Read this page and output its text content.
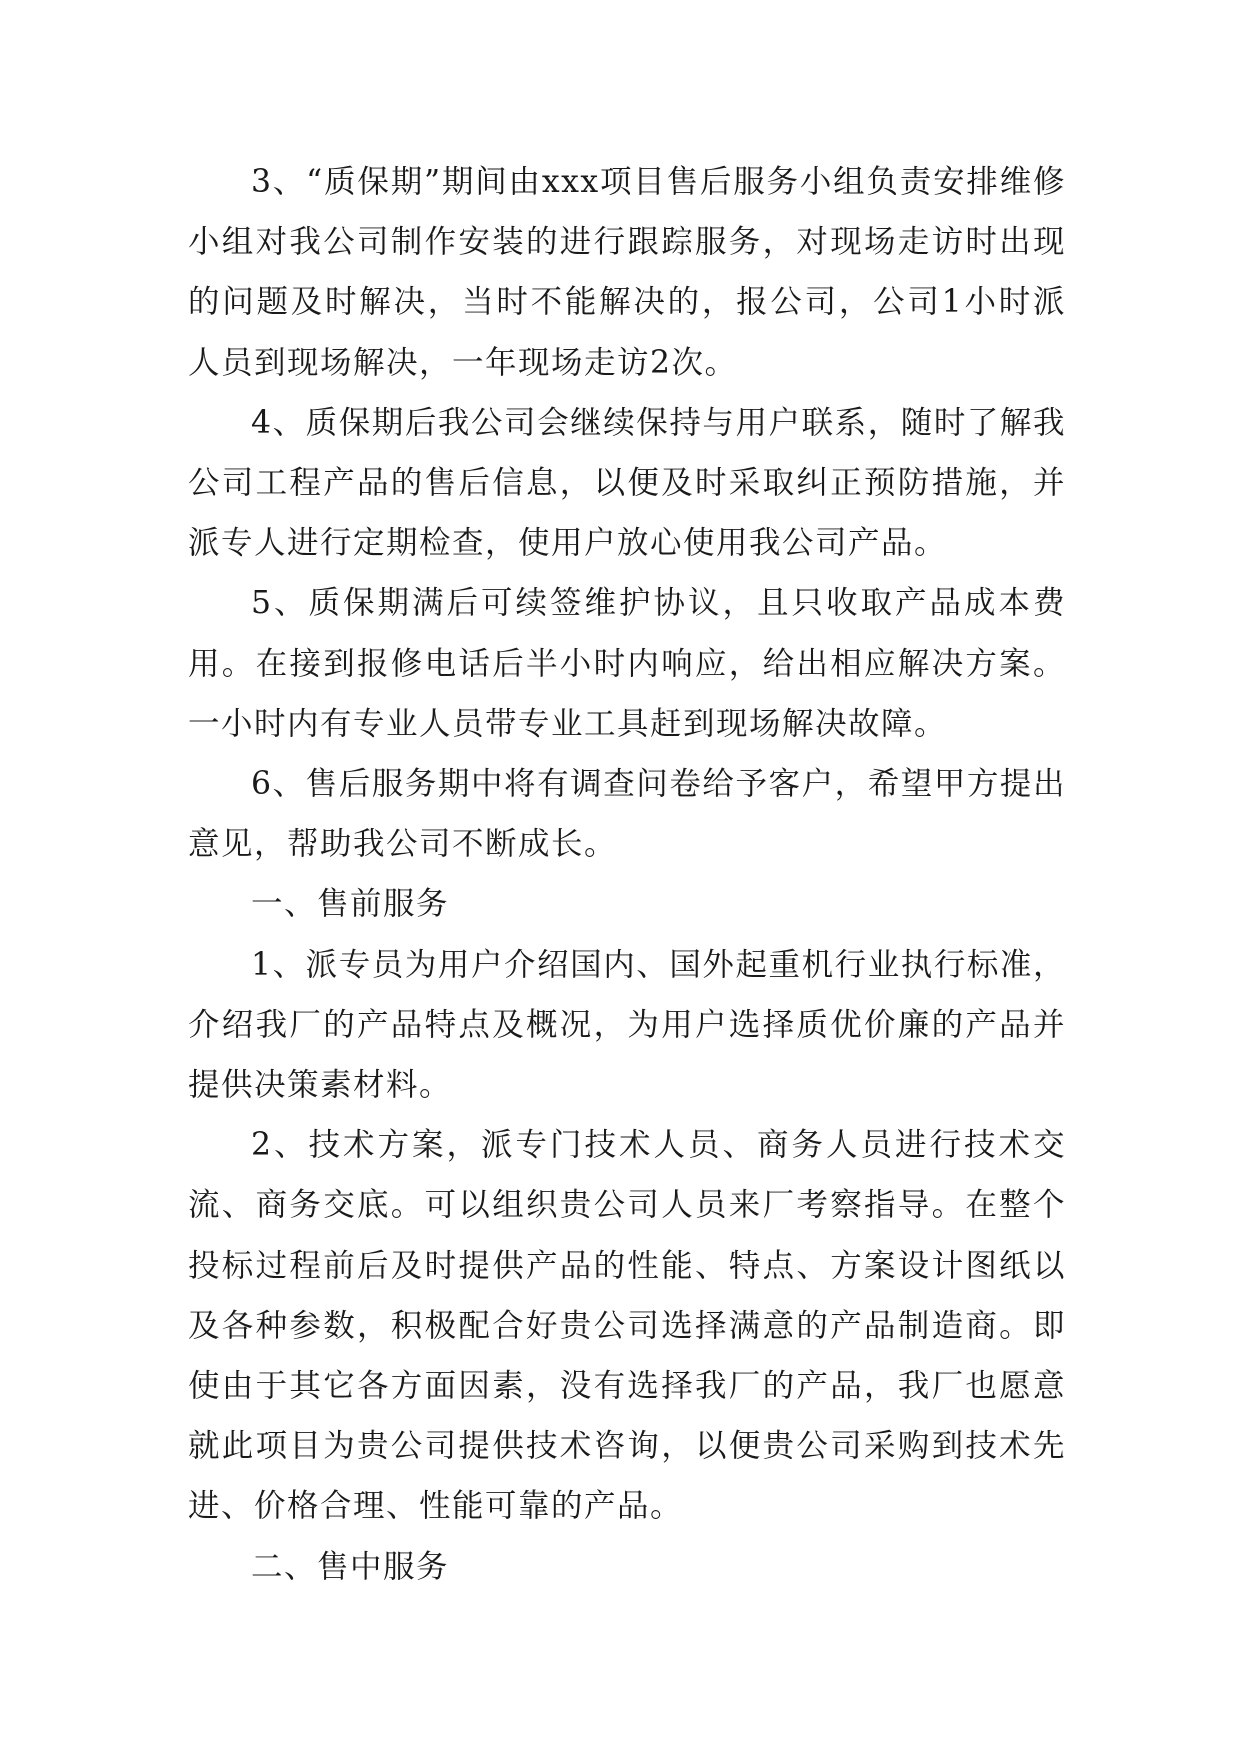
3、“质保期”期间由xxx项目售后服务小组负责安排维修小组对我公司制作安装的进行跟踪服务，对现场走访时出现的问题及时解决，当时不能解决的，报公司，公司1小时派人员到现场解决，一年现场走访2次。

4、质保期后我公司会继续保持与用户联系，随时了解我公司工程产品的售后信息，以便及时采取纠正预防措施，并派专人进行定期检查，使用户放心使用我公司产品。

5、质保期满后可续签维护协议，且只收取产品成本费用。在接到报修电话后半小时内响应，给出相应解决方案。一小时内有专业人员带专业工具赶到现场解决故障。

6、售后服务期中将有调查问卷给予客户，希望甲方提出意见，帮助我公司不断成长。

一、售前服务

1、派专员为用户介绍国内、国外起重机行业执行标准，介绍我厂的产品特点及概况，为用户选择质优价廉的产品并提供决策素材料。

2、技术方案，派专门技术人员、商务人员进行技术交流、商务交底。可以组织贵公司人员来厂考察指导。在整个投标过程前后及时提供产品的性能、特点、方案设计图纸以及各种参数，积极配合好贵公司选择满意的产品制造商。即使由于其它各方面因素，没有选择我厂的产品，我厂也愿意就此项目为贵公司提供技术咨询，以便贵公司采购到技术先进、价格合理、性能可靠的产品。

二、售中服务
